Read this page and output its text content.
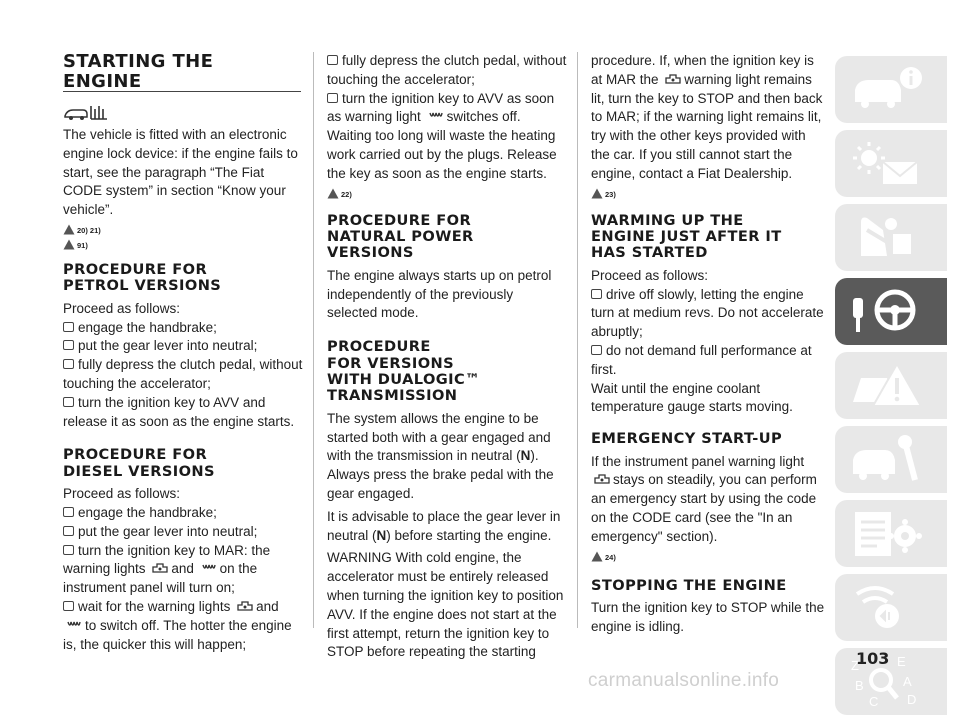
STARTING THE
ENGINE

The vehicle is fitted with an electronic engine lock device: if the engine fails to start, see the paragraph “The Fiat CODE system” in section “Know your vehicle”.

20) 21)
91)
PROCEDURE FOR
PETROL VERSIONS

Proceed as follows:

engage the handbrake;
put the gear lever into neutral;
fully depress the clutch pedal, without touching the accelerator;
turn the ignition key to AVV and release it as soon as the engine starts.
PROCEDURE FOR
DIESEL VERSIONS

Proceed as follows:

engage the handbrake;
put the gear lever into neutral;
turn the ignition key to MAR: the warning lights and on the instrument panel will turn on;
wait for the warning lights and to switch off. The hotter the engine is, the quicker this will happen;
fully depress the clutch pedal, without touching the accelerator;
turn the ignition key to AVV as soon as warning light switches off.

Waiting too long will waste the heating work carried out by the plugs. Release the key as soon as the engine starts.

22)
PROCEDURE FOR
NATURAL POWER
VERSIONS

The engine always starts up on petrol independently of the previously selected mode.

PROCEDURE
FOR VERSIONS
WITH DUALOGIC™
TRANSMISSION

The system allows the engine to be started both with a gear engaged and with the transmission in neutral (N). Always press the brake pedal with the gear engaged.

It is advisable to place the gear lever in neutral (N) before starting the engine.

WARNING With cold engine, the accelerator must be entirely released when turning the ignition key to position AVV. If the engine does not start at the first attempt, return the ignition key to STOP before repeating the starting

procedure. If, when the ignition key is at MAR the warning light remains lit, turn the key to STOP and then back to MAR; if the warning light remains lit, try with the other keys provided with the car. If you still cannot start the engine, contact a Fiat Dealership.

23)
WARMING UP THE
ENGINE JUST AFTER IT
HAS STARTED

Proceed as follows:

drive off slowly, letting the engine turn at medium revs. Do not accelerate abruptly;
do not demand full performance at first.

Wait until the engine coolant temperature gauge starts moving.

EMERGENCY START-UP

If the instrument panel warning light stays on steadily, you can perform an emergency start by using the code on the CODE card (see the "In an emergency" section).

24)
STOPPING THE ENGINE

Turn the ignition key to STOP while the engine is idling.

Z	E
B	A
C D
103
carmanualsonline.info
